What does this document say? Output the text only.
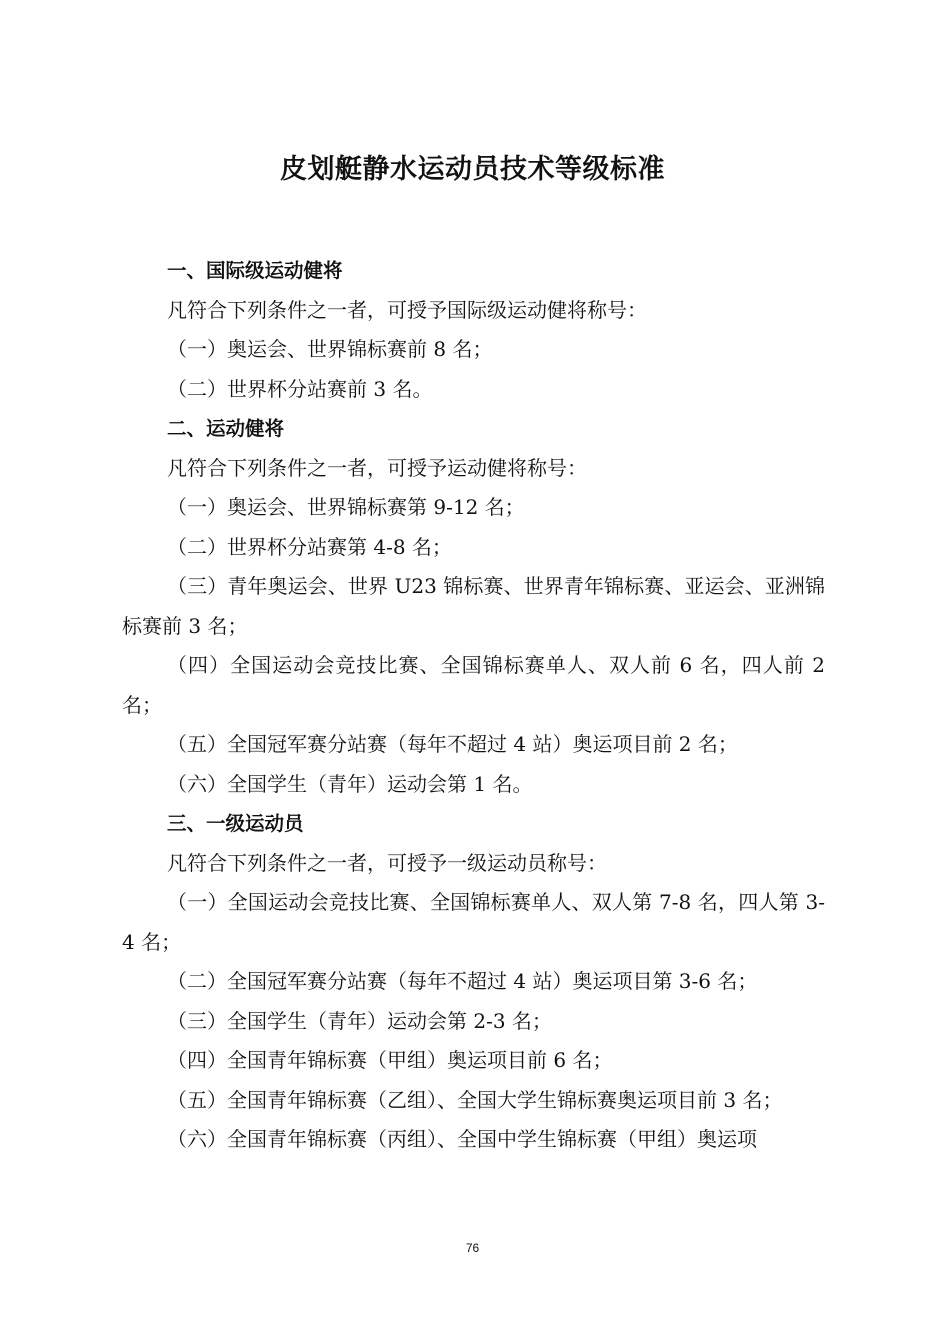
皮划艇静水运动员技术等级标准

一、国际级运动健将

凡符合下列条件之一者，可授予国际级运动健将称号：

（一）奥运会、世界锦标赛前 8 名；

（二）世界杯分站赛前 3 名。

二、运动健将

凡符合下列条件之一者，可授予运动健将称号：

（一）奥运会、世界锦标赛第 9-12 名；

（二）世界杯分站赛第 4-8 名；

（三）青年奥运会、世界 U23 锦标赛、世界青年锦标赛、亚运会、亚洲锦标赛前 3 名；

（四）全国运动会竞技比赛、全国锦标赛单人、双人前 6 名，四人前 2 名；

（五）全国冠军赛分站赛（每年不超过 4 站）奥运项目前 2 名；

（六）全国学生（青年）运动会第 1 名。

三、一级运动员

凡符合下列条件之一者，可授予一级运动员称号：

（一）全国运动会竞技比赛、全国锦标赛单人、双人第 7-8 名，四人第 3-4 名；

（二）全国冠军赛分站赛（每年不超过 4 站）奥运项目第 3-6 名；

（三）全国学生（青年）运动会第 2-3 名；

（四）全国青年锦标赛（甲组）奥运项目前 6 名；

（五）全国青年锦标赛（乙组）、全国大学生锦标赛奥运项目前 3 名；

（六）全国青年锦标赛（丙组）、全国中学生锦标赛（甲组）奥运项

76
